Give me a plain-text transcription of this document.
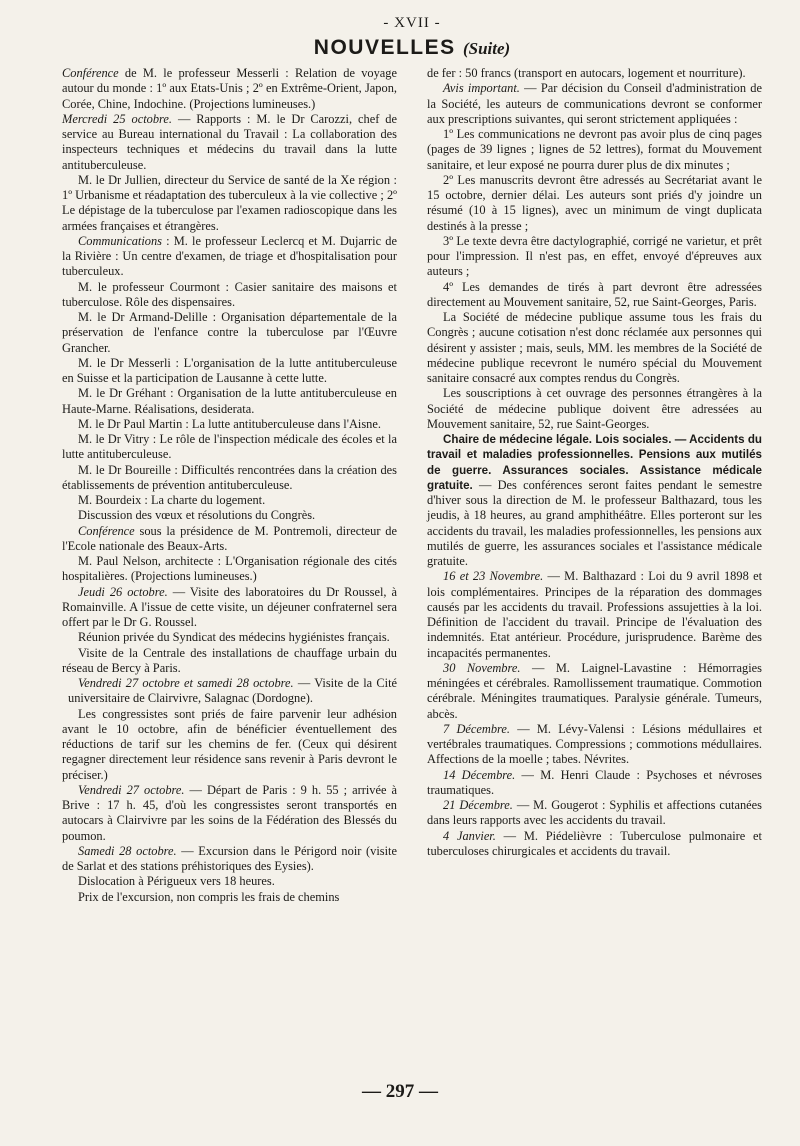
- XVII -
NOUVELLES (Suite)

Conférence de M. le professeur Messerli : Relation de voyage autour du monde : 1º aux Etats-Unis ; 2º en Extrême-Orient, Japon, Corée, Chine, Indochine. (Projections lumineuses.)

Mercredi 25 octobre. — Rapports : M. le Dr Carozzi, chef de service au Bureau international du Travail : La collaboration des inspecteurs techniques et médecins du travail dans la lutte antituberculeuse.

M. le Dr Jullien, directeur du Service de santé de la Xe région : 1º Urbanisme et réadaptation des tuberculeux à la vie collective ; 2º Le dépistage de la tuberculose par l'examen radioscopique dans les armées françaises et étrangères.

Communications : M. le professeur Leclercq et M. Dujarric de la Rivière : Un centre d'examen, de triage et d'hospitalisation pour tuberculeux.

M. le professeur Courmont : Casier sanitaire des maisons et tuberculose. Rôle des dispensaires.

M. le Dr Armand-Delille : Organisation départementale de la préservation de l'enfance contre la tuberculose par l'Œuvre Grancher.

M. le Dr Messerli : L'organisation de la lutte antituberculeuse en Suisse et la participation de Lausanne à cette lutte.

M. le Dr Gréhant : Organisation de la lutte antituberculeuse en Haute-Marne. Réalisations, desiderata.

M. le Dr Paul Martin : La lutte antituberculeuse dans l'Aisne.

M. le Dr Vitry : Le rôle de l'inspection médicale des écoles et la lutte antituberculeuse.

M. le Dr Boureille : Difficultés rencontrées dans la création des établissements de prévention antituberculeuse.

M. Bourdeix : La charte du logement.

Discussion des vœux et résolutions du Congrès.

Conférence sous la présidence de M. Pontremoli, directeur de l'Ecole nationale des Beaux-Arts.

M. Paul Nelson, architecte : L'Organisation régionale des cités hospitalières. (Projections lumineuses.)

Jeudi 26 octobre. — Visite des laboratoires du Dr Roussel, à Romainville. A l'issue de cette visite, un déjeuner confraternel sera offert par le Dr G. Roussel.

Réunion privée du Syndicat des médecins hygiénistes français.

Visite de la Centrale des installations de chauffage urbain du réseau de Bercy à Paris.

Vendredi 27 octobre et samedi 28 octobre. — Visite de la Cité universitaire de Clairvivre, Salagnac (Dordogne).

Les congressistes sont priés de faire parvenir leur adhésion avant le 10 octobre, afin de bénéficier éventuellement des réductions de tarif sur les chemins de fer. (Ceux qui désirent regagner directement leur résidence sans revenir à Paris devront le préciser.)

Vendredi 27 octobre. — Départ de Paris : 9 h. 55 ; arrivée à Brive : 17 h. 45, d'où les congressistes seront transportés en autocars à Clairvivre par les soins de la Fédération des Blessés du poumon.

Samedi 28 octobre. — Excursion dans le Périgord noir (visite de Sarlat et des stations préhistoriques des Eysies).

Dislocation à Périgueux vers 18 heures.

Prix de l'excursion, non compris les frais de chemins

de fer : 50 francs (transport en autocars, logement et nourriture).

Avis important. — Par décision du Conseil d'administration de la Société, les auteurs de communications devront se conformer aux prescriptions suivantes, qui seront strictement appliquées :

1º Les communications ne devront pas avoir plus de cinq pages (pages de 39 lignes ; lignes de 52 lettres), format du Mouvement sanitaire, et leur exposé ne pourra durer plus de dix minutes ;

2º Les manuscrits devront être adressés au Secrétariat avant le 15 octobre, dernier délai. Les auteurs sont priés d'y joindre un résumé (10 à 15 lignes), avec un minimum de vingt duplicata destinés à la presse ;

3º Le texte devra être dactylographié, corrigé ne varietur, et prêt pour l'impression. Il n'est pas, en effet, envoyé d'épreuves aux auteurs ;

4º Les demandes de tirés à part devront être adressées directement au Mouvement sanitaire, 52, rue Saint-Georges, Paris.

La Société de médecine publique assume tous les frais du Congrès ; aucune cotisation n'est donc réclamée aux personnes qui désirent y assister ; mais, seuls, MM. les membres de la Société de médecine publique recevront le numéro spécial du Mouvement sanitaire consacré aux comptes rendus du Congrès.

Les souscriptions à cet ouvrage des personnes étrangères à la Société de médecine publique doivent être adressées au Mouvement sanitaire, 52, rue Saint-Georges.

Chaire de médecine légale. Lois sociales. — Accidents du travail et maladies professionnelles. Pensions aux mutilés de guerre. Assurances sociales. Assistance médicale gratuite. — Des conférences seront faites pendant le semestre d'hiver sous la direction de M. le professeur Balthazard, tous les jeudis, à 18 heures, au grand amphithéâtre. Elles porteront sur les accidents du travail, les maladies professionnelles, les pensions aux mutilés de guerre, les assurances sociales et l'assistance médicale gratuite.

16 et 23 Novembre. — M. Balthazard : Loi du 9 avril 1898 et lois complémentaires. Principes de la réparation des dommages causés par les accidents du travail. Professions assujetties à la loi. Définition de l'accident du travail. Principe de l'évaluation des indemnités. Etat antérieur. Procédure, jurisprudence. Barème des incapacités permanentes.

30 Novembre. — M. Laignel-Lavastine : Hémorragies méningées et cérébrales. Ramollissement traumatique. Commotion cérébrale. Méningites traumatiques. Paralysie générale. Tumeurs, abcès.

7 Décembre. — M. Lévy-Valensi : Lésions médullaires et vertébrales traumatiques. Compressions ; commotions médullaires. Affections de la moelle ; tabes. Névrites.

14 Décembre. — M. Henri Claude : Psychoses et névroses traumatiques.

21 Décembre. — M. Gougerot : Syphilis et affections cutanées dans leurs rapports avec les accidents du travail.

4 Janvier. — M. Piédelièvre : Tuberculose pulmonaire et tuberculoses chirurgicales et accidents du travail.

— 297 —
